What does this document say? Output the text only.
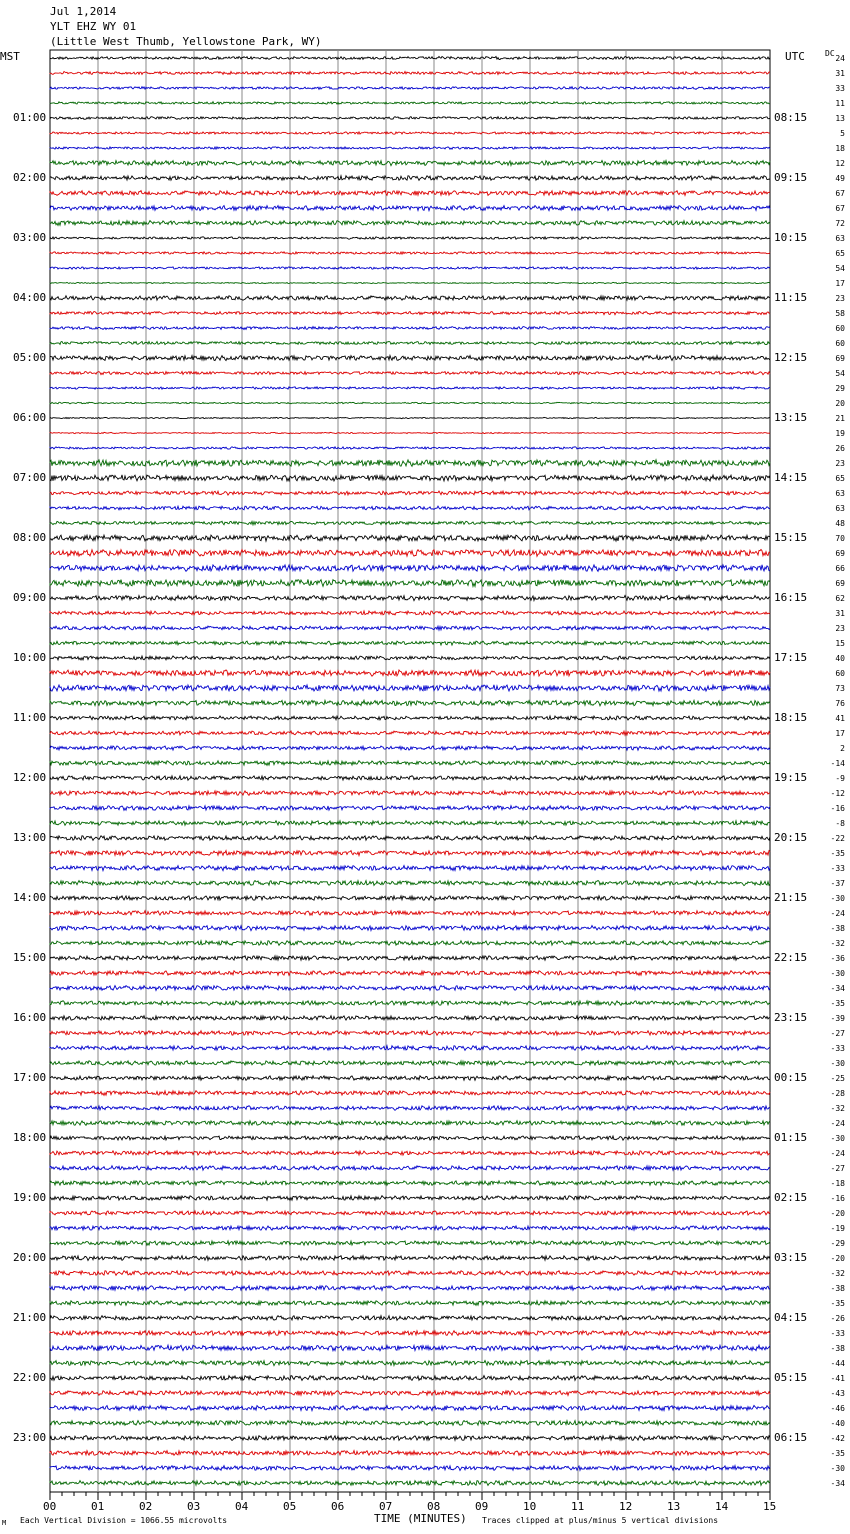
Jul 1,2014
YLT EHZ WY 01
(Little West Thumb, Yellowstone Park, WY)
MST	UTC	DC
01:00
02:00
03:00
04:00
05:00
06:00
07:00
08:00
09:00
10:00
11:00
12:00
13:00
14:00
15:00
16:00
17:00
18:00
19:00
20:00
21:00
22:00
23:00
08:15
09:15
10:15
11:15
12:15
13:15
14:15
15:15
16:15
17:15
18:15
19:15
20:15
21:15
22:15
23:15
00:15
01:15
02:15
03:15
04:15
05:15
06:15
24
31
33
11
13
5
18
12
49
67
67
72
63
65
54
17
23
58
60
60
69
54
29
20
21
19
26
23
65
63
63
48
70
69
66
69
62
31
23
15
40
60
73
76
41
17
2
-14
-9
-12
-16
-8
-22
-35
-33
-37
-30
-24
-38
-32
-36
-30
-34
-35
-39
-27
-33
-30
-25
-28
-32
-24
-30
-24
-27
-18
-16
-20
-19
-29
-20
-32
-38
-35
-26
-33
-38
-44
-41
-43
-46
-40
-42
-35
-30
-34
00	01	02	03	04	05	06	07	08	09	10	11	12	13	14	15
M Each Vertical Division = 1066.55 microvolts	TIME (MINUTES) Traces clipped at plus/minus 5 vertical divisions
